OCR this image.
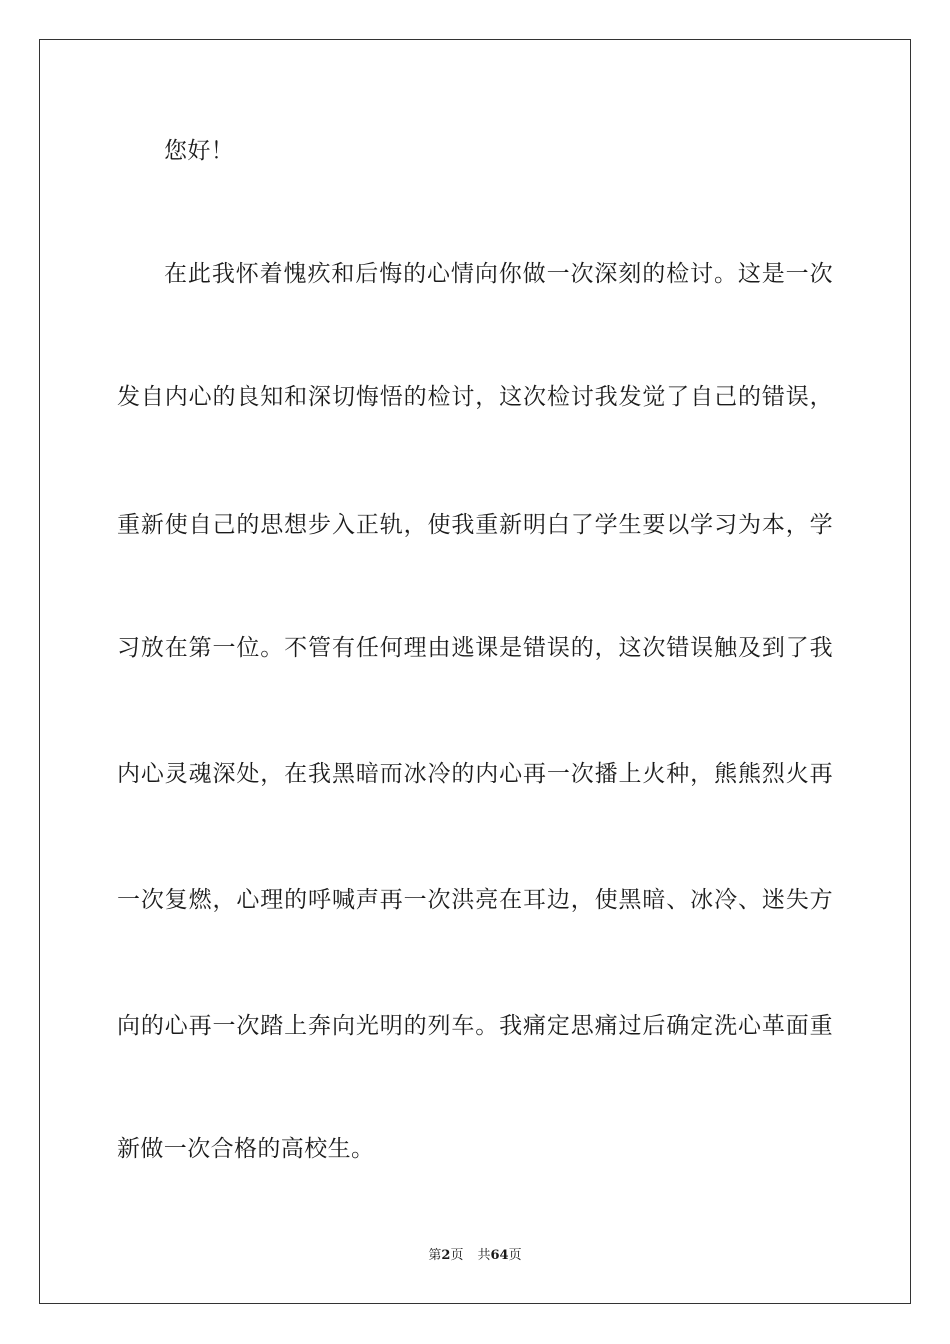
您好！
在此我怀着愧疚和后悔的心情向你做一次深刻的检讨。这是一次
发自内心的良知和深切悔悟的检讨，这次检讨我发觉了自己的错误，
重新使自己的思想步入正轨，使我重新明白了学生要以学习为本，学
习放在第一位。不管有任何理由逃课是错误的，这次错误触及到了我
内心灵魂深处，在我黑暗而冰冷的内心再一次播上火种，熊熊烈火再
一次复燃，心理的呼喊声再一次洪亮在耳边，使黑暗、冰冷、迷失方
向的心再一次踏上奔向光明的列车。我痛定思痛过后确定洗心革面重
新做一次合格的高校生。
第2页 共64页
